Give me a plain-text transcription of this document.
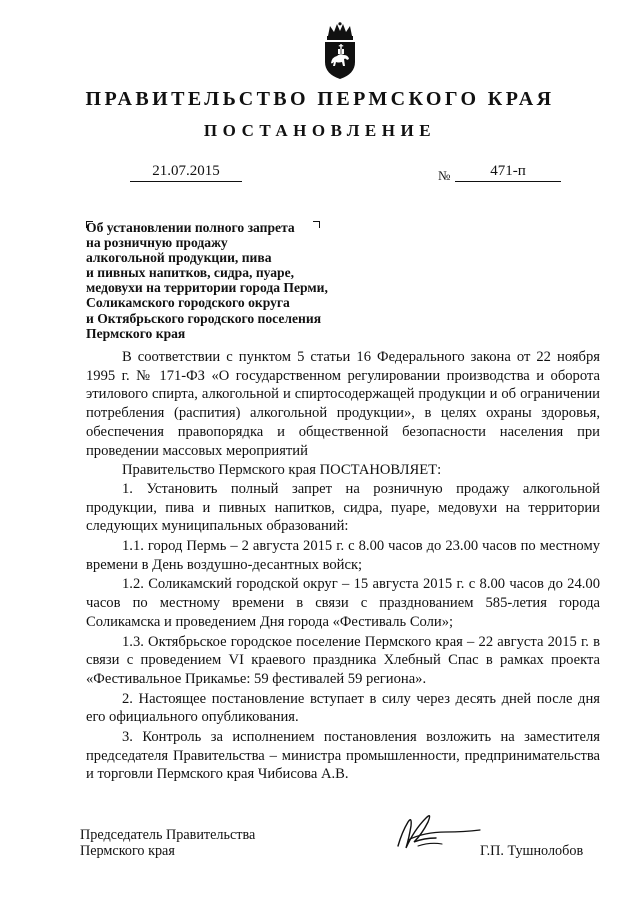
ПРАВИТЕЛЬСТВО ПЕРМСКОГО КРАЯ
ПОСТАНОВЛЕНИЕ
21.07.2015	№	471-п
Об установлении полного запрета
на розничную продажу
алкогольной продукции, пива
и пивных напитков, сидра, пуаре,
медовухи на территории города Перми,
Соликамского городского округа
и Октябрьского городского поселения
Пермского края

В соответствии с пунктом 5 статьи 16 Федерального закона от 22 ноября 1995 г. № 171-ФЗ «О государственном регулировании производства и оборота этилового спирта, алкогольной и спиртосодержащей продукции и об ограничении потребления (распития) алкогольной продукции», в целях охраны здоровья, обеспечения правопорядка и общественной безопасности населения при проведении массовых мероприятий

Правительство Пермского края ПОСТАНОВЛЯЕТ:

1. Установить полный запрет на розничную продажу алкогольной продукции, пива и пивных напитков, сидра, пуаре, медовухи на территории следующих муниципальных образований:

1.1. город Пермь – 2 августа 2015 г. с 8.00 часов до 23.00 часов по местному времени в День воздушно-десантных войск;

1.2. Соликамский городской округ – 15 августа 2015 г. с 8.00 часов до 24.00 часов по местному времени в связи с празднованием 585-летия города Соликамска и проведением Дня города «Фестиваль Соли»;

1.3. Октябрьское городское поселение Пермского края – 22 августа 2015 г. в связи с проведением VI краевого праздника Хлебный Спас в рамках проекта «Фестивальное Прикамье: 59 фестивалей 59 региона».

2. Настоящее постановление вступает в силу через десять дней после дня его официального опубликования.

3. Контроль за исполнением постановления возложить на заместителя председателя Правительства – министра промышленности, предпринимательства и торговли Пермского края Чибисова А.В.

Председатель Правительства
Пермского края	Г.П. Тушнолобов
